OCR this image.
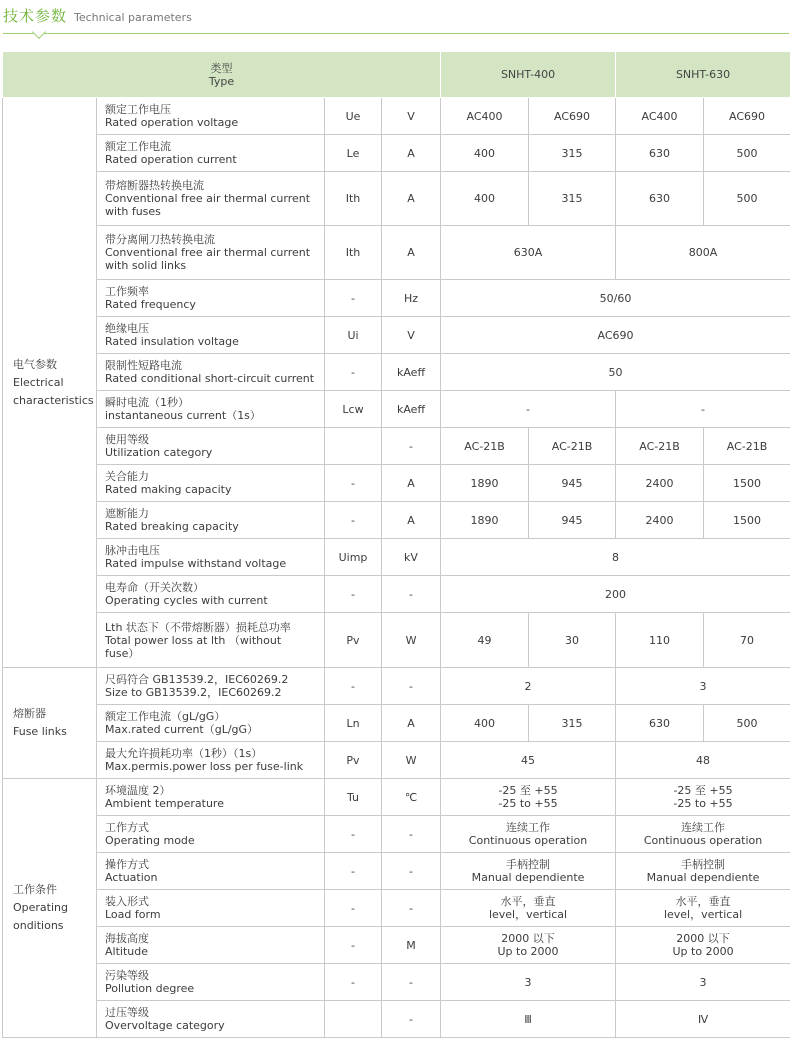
技术参数 Technical parameters
类型
Type				SNHT-400		SNHT-630	

电气参数
Electrical
characteristics	额定工作电压
Rated operation voltage	Ue	V	AC400	AC690	AC400	AC690

	额定工作电流
Rated operation current	Le	A	400	315	630	500

	带熔断器热转换电流
Conventional free air thermal current
with fuses	Ith	A	400	315	630	500

	带分离闸刀热转换电流
Conventional free air thermal current
with solid links	Ith	A	630A		800A	

	工作频率
Rated frequency	-	Hz	50/60			

	绝缘电压
Rated insulation voltage	Ui	V	AC690			

	限制性短路电流
Rated conditional short-circuit current	-	kAeff	50			

	瞬时电流（1秒）
instantaneous current（1s）	Lcw	kAeff	-		-	

	使用等级
Utilization category		-	AC-21B	AC-21B	AC-21B	AC-21B

	关合能力
Rated making capacity	-	A	1890	945	2400	1500

	遮断能力
Rated breaking capacity	-	A	1890	945	2400	1500

	脉冲击电压
Rated impulse withstand voltage	Uimp	kV	8			

	电寿命（开关次数）
Operating cycles with current	-	-	200			

	Lth 状态下（不带熔断器）损耗总功率
Total power loss at lth （without
fuse）	Pv	W	49	30	110	70

熔断器
Fuse links	尺码符合 GB13539.2，IEC60269.2
Size to GB13539.2，IEC60269.2	-	-	2		3	

	额定工作电流（gL/gG）
Max.rated current（gL/gG）	Ln	A	400	315	630	500

	最大允许损耗功率（1秒）（1s）
Max.permis.power loss per fuse-link	Pv	W	45		48	

工作条件
Operating
onditions	环境温度 2）
Ambient temperature	Tu	℃	-25 至 +55
-25 to +55		-25 至 +55
-25 to +55	

	工作方式
Operating mode	-	-	连续工作
Continuous operation		连续工作
Continuous operation	

	操作方式
Actuation	-	-	手柄控制
Manual dependiente		手柄控制
Manual dependiente	

	装入形式
Load form	-	-	水平，垂直
level，vertical		水平，垂直
level，vertical	

	海拔高度
Altitude	-	M	2000 以下
Up to 2000		2000 以下
Up to 2000	

	污染等级
Pollution degree	-	-	3		3	

	过压等级
Overvoltage category		-	Ⅲ		Ⅳ	
